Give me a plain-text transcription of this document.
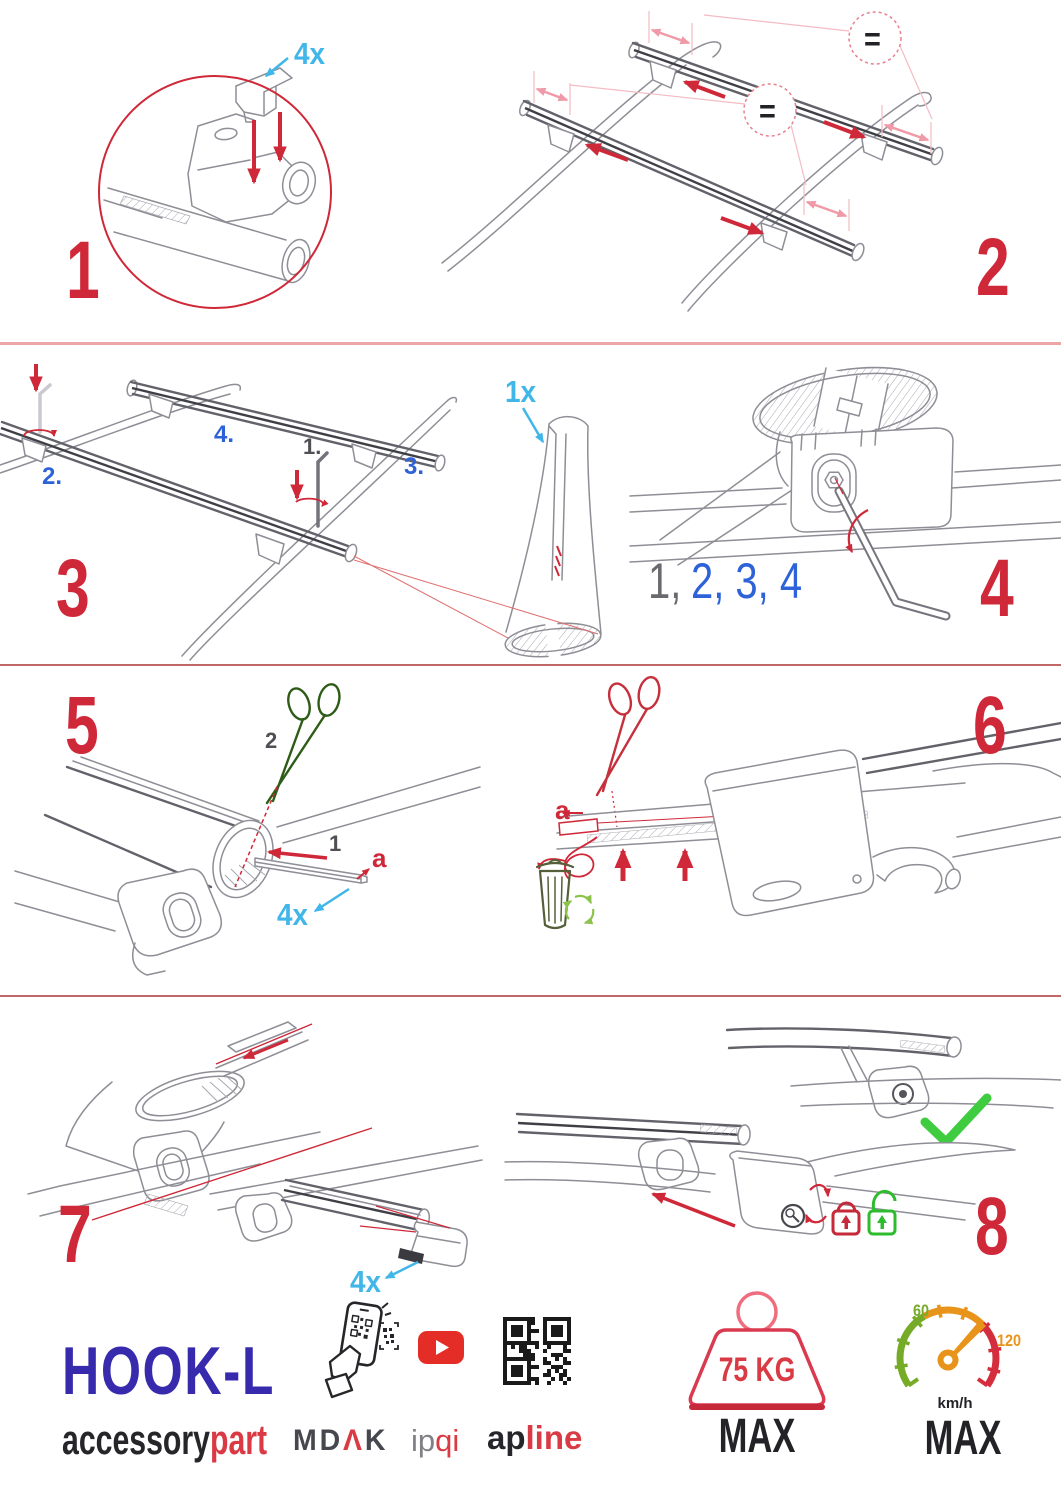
4x
1
=
=
2
2.
4.	1.
3.
1x
3	1, 2, 3, 4 4
2
1 a
4x
5
a
6
4x
7	8
HOOK-L
accessorypart MDΛK ipqi apline
75 KG
MAX
60
120
km/h
MAX
